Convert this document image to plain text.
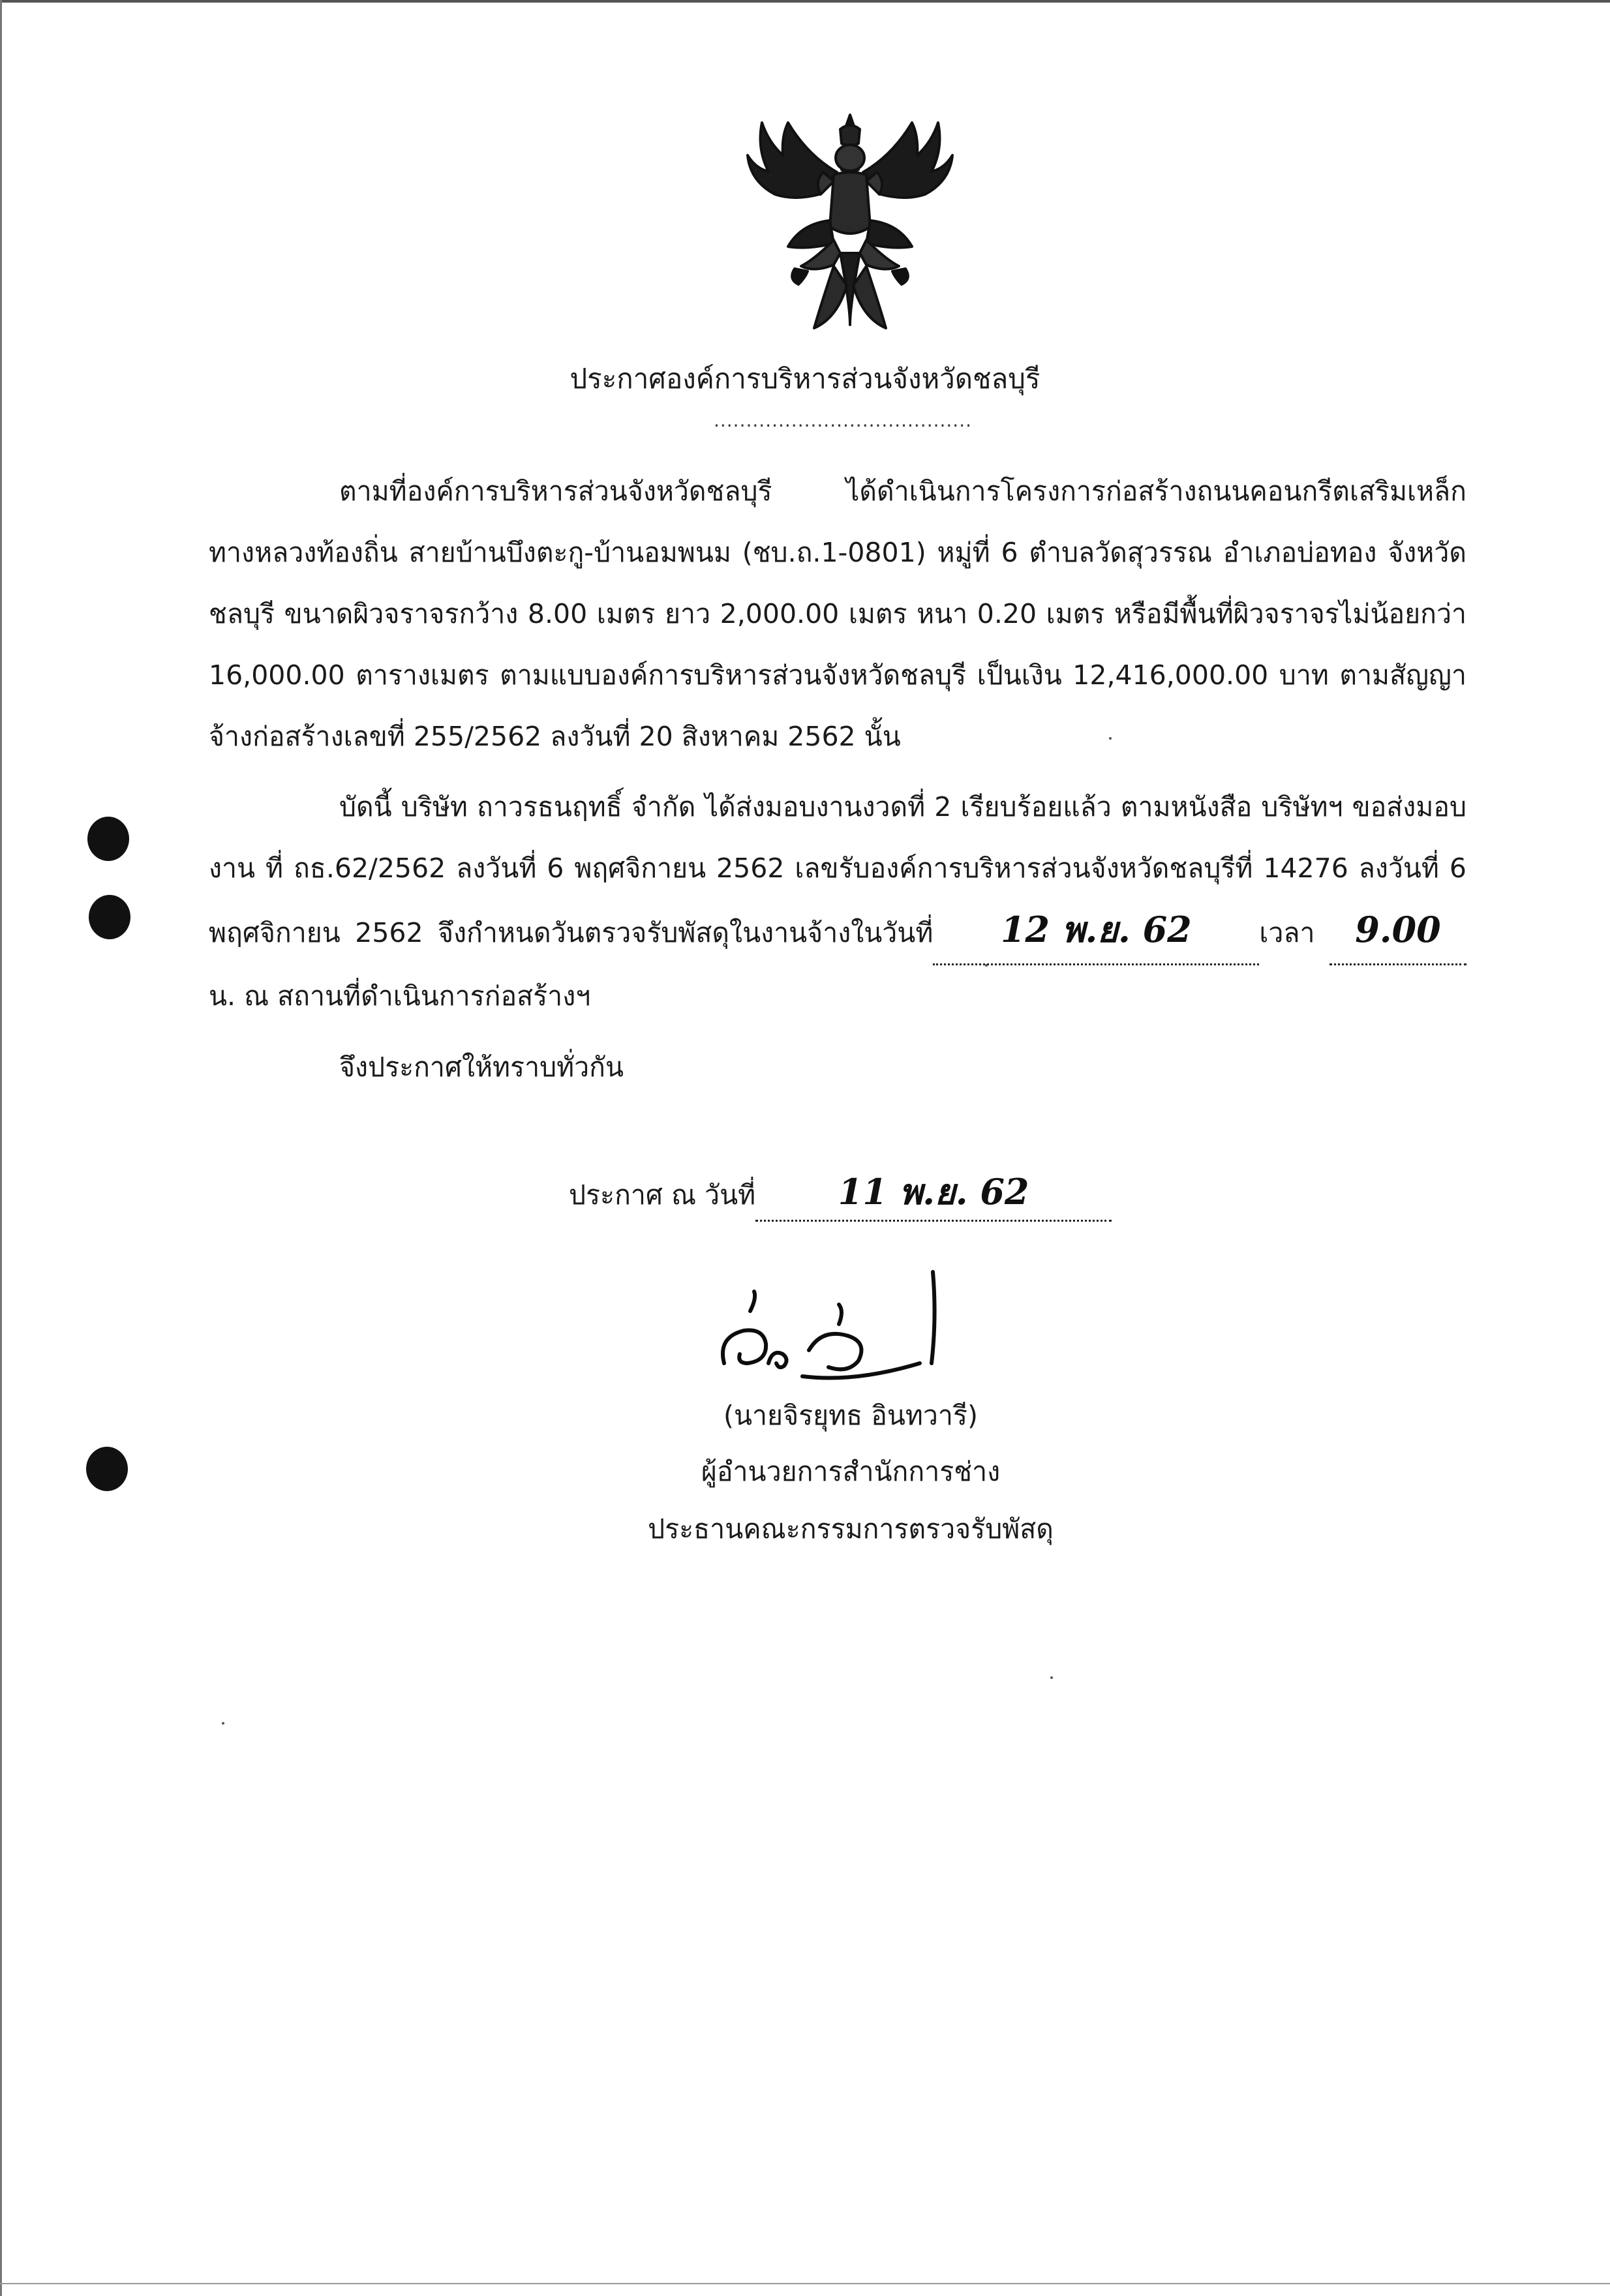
ประกาศองค์การบริหารส่วนจังหวัดชลบุรี
........................................
ตามที่องค์การบริหารส่วนจังหวัดชลบุรี ได้ดำเนินการโครงการก่อสร้างถนนคอนกรีตเสริมเหล็ก ทางหลวงท้องถิ่น สายบ้านบึงตะกู-บ้านอมพนม (ชบ.ถ.1-0801) หมู่ที่ 6 ตำบลวัดสุวรรณ อำเภอบ่อทอง จังหวัดชลบุรี ขนาดผิวจราจรกว้าง 8.00 เมตร ยาว 2,000.00 เมตร หนา 0.20 เมตร หรือมีพื้นที่ผิวจราจรไม่น้อยกว่า 16,000.00 ตารางเมตร ตามแบบองค์การบริหารส่วนจังหวัดชลบุรี เป็นเงิน 12,416,000.00 บาท ตามสัญญาจ้างก่อสร้างเลขที่ 255/2562 ลงวันที่ 20 สิงหาคม 2562 นั้น
บัดนี้ บริษัท ถาวรธนฤทธิ์ จำกัด ได้ส่งมอบงานงวดที่ 2 เรียบร้อยแล้ว ตามหนังสือ บริษัทฯ ขอส่งมอบงาน ที่ ถธ.62/2562 ลงวันที่ 6 พฤศจิกายน 2562 เลขรับองค์การบริหารส่วนจังหวัดชลบุรีที่ 14276 ลงวันที่ 6 พฤศจิกายน 2562 จึงกำหนดวันตรวจรับพัสดุในงานจ้างในวันที่ 12 พ.ย. 62	เวลา 9.00น. ณ สถานที่ดำเนินการก่อสร้างฯ
จึงประกาศให้ทราบทั่วกัน
ประกาศ ณ วันที่ 11 พ.ย. 62
(นายจิรยุทธ อินทวารี)
ผู้อำนวยการสำนักการช่าง
ประธานคณะกรรมการตรวจรับพัสดุ
